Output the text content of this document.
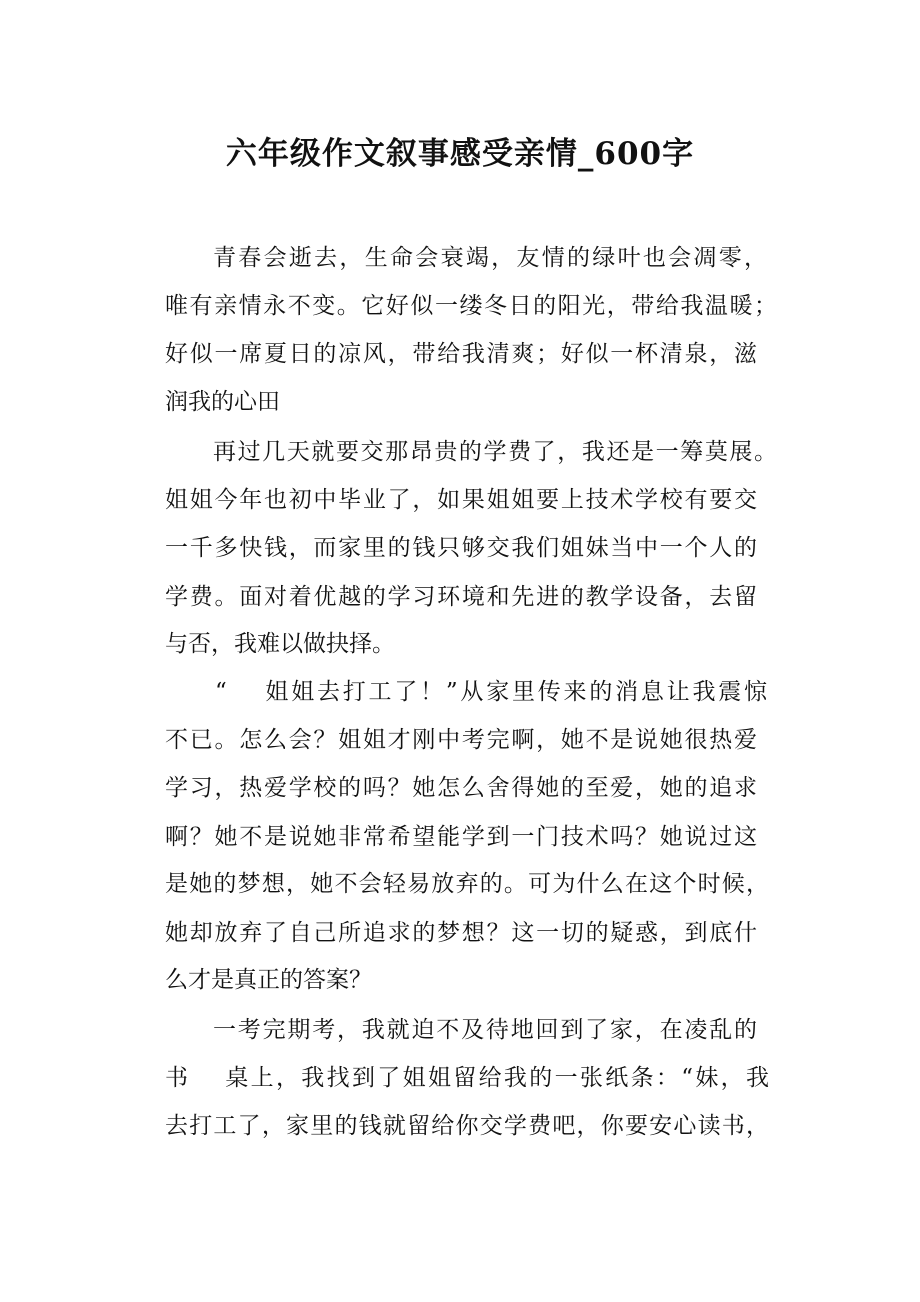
六年级作文叙事感受亲情_600字
青春会逝去，生命会衰竭，友情的绿叶也会凋零，
唯有亲情永不变。它好似一缕冬日的阳光，带给我温暖；
好似一席夏日的凉风，带给我清爽；好似一杯清泉，滋
润我的心田
再过几天就要交那昂贵的学费了，我还是一筹莫展。
姐姐今年也初中毕业了，如果姐姐要上技术学校有要交
一千多快钱，而家里的钱只够交我们姐妹当中一个人的
学费。面对着优越的学习环境和先进的教学设备，去留
与否，我难以做抉择。
“　 姐姐去打工了！”从家里传来的消息让我震惊
不已。怎么会？姐姐才刚中考完啊，她不是说她很热爱
学习，热爱学校的吗？她怎么舍得她的至爱，她的追求
啊？她不是说她非常希望能学到一门技术吗？她说过这
是她的梦想，她不会轻易放弃的。可为什么在这个时候，
她却放弃了自己所追求的梦想？这一切的疑惑，到底什
么才是真正的答案？
一考完期考，我就迫不及待地回到了家，在凌乱的
书　 桌上，我找到了姐姐留给我的一张纸条：“妹，我
去打工了，家里的钱就留给你交学费吧，你要安心读书，
